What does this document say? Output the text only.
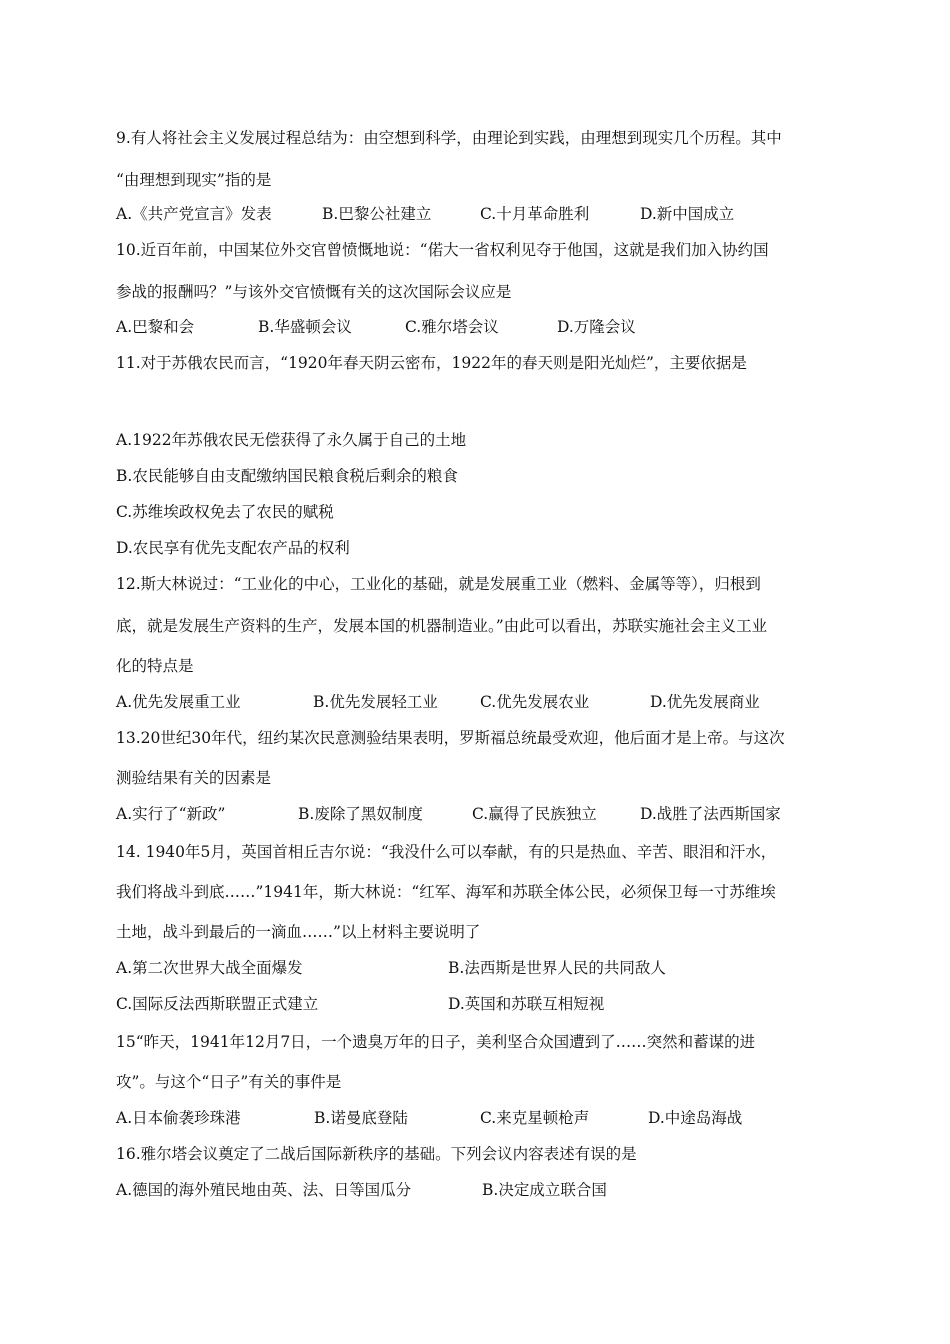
9.有人将社会主义发展过程总结为：由空想到科学，由理论到实践，由理想到现实几个历程。其中
“由理想到现实”指的是
A.《共产党宣言》发表	B.巴黎公社建立	C.十月革命胜利	D.新中国成立
10.近百年前，中国某位外交官曾愤慨地说：“偌大一省权利见夺于他国，这就是我们加入协约国
参战的报酬吗？”与该外交官愤慨有关的这次国际会议应是
A.巴黎和会	B.华盛顿会议	C.雅尔塔会议	D.万隆会议
11.对于苏俄农民而言，“1920年春天阴云密布，1922年的春天则是阳光灿烂”，主要依据是
A.1922年苏俄农民无偿获得了永久属于自己的土地
B.农民能够自由支配缴纳国民粮食税后剩余的粮食
C.苏维埃政权免去了农民的赋税
D.农民享有优先支配农产品的权利
12.斯大林说过：“工业化的中心，工业化的基础，就是发展重工业（燃料、金属等等），归根到
底，就是发展生产资料的生产，发展本国的机器制造业。”由此可以看出，苏联实施社会主义工业
化的特点是
A.优先发展重工业	B.优先发展轻工业	C.优先发展农业	D.优先发展商业
13.20世纪30年代，纽约某次民意测验结果表明，罗斯福总统最受欢迎，他后面才是上帝。与这次
测验结果有关的因素是
A.实行了“新政”	B.废除了黑奴制度	C.赢得了民族独立	D.战胜了法西斯国家
14. 1940年5月，英国首相丘吉尔说：“我没什么可以奉献，有的只是热血、辛苦、眼泪和汗水，
我们将战斗到底……”1941年，斯大林说：“红军、海军和苏联全体公民，必须保卫每一寸苏维埃
土地，战斗到最后的一滴血……”以上材料主要说明了
A.第二次世界大战全面爆发	B.法西斯是世界人民的共同敌人
C.国际反法西斯联盟正式建立	D.英国和苏联互相短视
15“昨天，1941年12月7日，一个遗臭万年的日子，美利坚合众国遭到了……突然和蓄谋的进
攻”。与这个“日子”有关的事件是
A.日本偷袭珍珠港	B.诺曼底登陆	C.来克星顿枪声	D.中途岛海战
16.雅尔塔会议奠定了二战后国际新秩序的基础。下列会议内容表述有误的是
A.德国的海外殖民地由英、法、日等国瓜分	B.决定成立联合国
